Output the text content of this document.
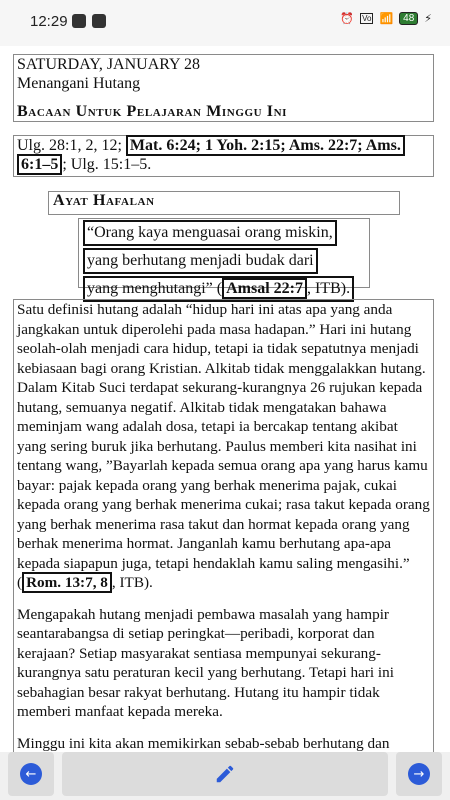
12:29	⏰ Vo 📶	48 ⚡
SATURDAY, JANUARY 28
Menangani Hutang
Bacaan Untuk Pelajaran Minggu Ini
Ulg. 28:1, 2, 12; Mat. 6:24; 1 Yoh. 2:15; Ams. 22:7; Ams.
6:1–5 ; Ulg. 15:1–5.
Ayat Hafalan
“Orang kaya menguasai orang miskin,
yang berhutang menjadi budak dari
yang menghutangi” ( Amsal 22:7 , ITB).

Satu definisi hutang adalah “hidup hari ini atas apa yang anda jangkakan untuk diperolehi pada masa hadapan.” Hari ini hutang seolah-olah menjadi cara hidup, tetapi ia tidak sepatutnya menjadi kebiasaan bagi orang Kristian. Alkitab tidak menggalakkan hutang. Dalam Kitab Suci terdapat sekurang-kurangnya 26 rujukan kepada hutang, semuanya negatif. Alkitab tidak mengatakan bahawa meminjam wang adalah dosa, tetapi ia bercakap tentang akibat yang sering buruk jika berhutang. Paulus memberi kita nasihat ini tentang wang, ”Bayarlah kepada semua orang apa yang harus kamu bayar: pajak kepada orang yang berhak menerima pajak, cukai kepada orang yang berhak menerima cukai; rasa takut kepada orang yang berhak menerima rasa takut dan hormat kepada orang yang berhak menerima hormat. Janganlah kamu berhutang apa-apa kepada siapapun juga, tetapi hendaklah kamu saling mengasihi.” ( Rom. 13:7, 8 , ITB).

Mengapakah hutang menjadi pembawa masalah yang hampir seantarabangsa di setiap peringkat—peribadi, korporat dan kerajaan? Setiap masyarakat sentiasa mempunyai sekurang-kurangnya satu peraturan kecil yang berhutang. Tetapi hari ini sebahagian besar rakyat berhutang. Hutang itu hampir tidak memberi manfaat kepada mereka.

Minggu ini kita akan memikirkan sebab-sebab berhutang dan

←	→
